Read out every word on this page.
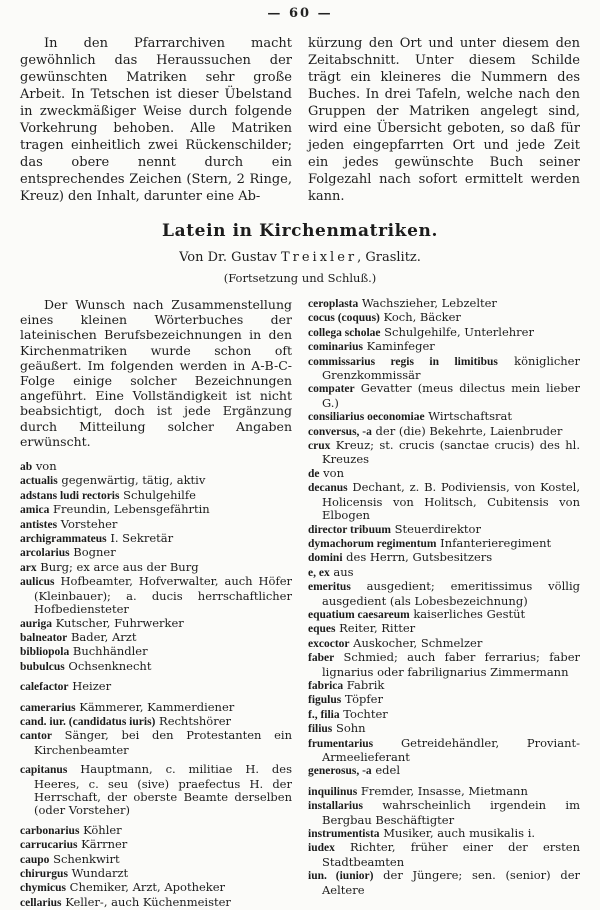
— 60 —

In den Pfarrarchiven macht gewöhnlich das Heraussuchen der gewünschten Matriken sehr große Arbeit. In Tetschen ist dieser Übelstand in zweckmäßiger Weise durch folgende Vorkehrung behoben. Alle Matriken tragen einheitlich zwei Rückenschilder; das obere nennt durch ein entsprechendes Zeichen (Stern, 2 Ringe, Kreuz) den Inhalt, darunter eine Ab-

kürzung den Ort und unter diesem den Zeitabschnitt. Unter diesem Schilde trägt ein kleineres die Nummern des Buches. In drei Tafeln, welche nach den Gruppen der Matriken angelegt sind, wird eine Übersicht geboten, so daß für jeden eingepfarrten Ort und jede Zeit ein jedes gewünschte Buch seiner Folgezahl nach sofort ermittelt werden kann.

Latein in Kirchenmatriken.

Von Dr. Gustav Treixler, Graslitz.

(Fortsetzung und Schluß.)

Der Wunsch nach Zusammenstellung eines kleinen Wörterbuches der lateinischen Berufsbezeichnungen in den Kirchenmatriken wurde schon oft geäußert. Im folgenden werden in A-B-C-Folge einige solcher Bezeichnungen angeführt. Eine Vollständigkeit ist nicht beabsichtigt, doch ist jede Ergänzung durch Mitteilung solcher Angaben erwünscht.

ab von
actualis gegenwärtig, tätig, aktiv
adstans ludi rectoris Schulgehilfe
amica Freundin, Lebensgefährtin
antistes Vorsteher
archigrammateus I. Sekretär
arcolarius Bogner
arx Burg; ex arce aus der Burg
aulicus Hofbeamter, Hofverwalter, auch Höfer (Kleinbauer); a. ducis herrschaftlicher Hofbediensteter
auriga Kutscher, Fuhrwerker
balneator Bader, Arzt
bibliopola Buchhändler
bubulcus Ochsenknecht
calefactor Heizer
camerarius Kämmerer, Kammerdiener
cand. iur. (candidatus iuris) Rechtshörer
cantor Sänger, bei den Protestanten ein Kirchenbeamter
capitanus Hauptmann, c. militiae H. des Heeres, c. seu (sive) praefectus H. der Herrschaft, der oberste Beamte derselben (oder Vorsteher)
carbonarius Köhler
carrucarius Kärrner
caupo Schenkwirt
chirurgus Wundarzt
chymicus Chemiker, Arzt, Apotheker
cellarius Keller-, auch Küchenmeister
ceroplasta Wachszieher, Lebzelter
cocus (coquus) Koch, Bäcker
collega scholae Schulgehilfe, Unterlehrer
cominarius Kaminfeger
commissarius regis in limitibus königlicher Grenzkommissär
compater Gevatter (meus dilectus mein lieber G.)
consiliarius oeconomiae Wirtschaftsrat
conversus, -a der (die) Bekehrte, Laienbruder
crux Kreuz; st. crucis (sanctae crucis) des hl. Kreuzes
de von
decanus Dechant, z. B. Podiviensis, von Kostel, Holicensis von Holitsch, Cubitensis von Elbogen
director tribuum Steuerdirektor
dymachorum regimentum Infanterieregiment
domini des Herrn, Gutsbesitzers
e, ex aus
emeritus ausgedient; emeritissimus völlig ausgedient (als Lobesbezeichnung)
equatium caesareum kaiserliches Gestüt
eques Reiter, Ritter
excoctor Auskocher, Schmelzer
faber Schmied; auch faber ferrarius; faber lignarius oder fabrilignarius Zimmermann
fabrica Fabrik
figulus Töpfer
f., filia Tochter
filius Sohn
frumentarius Getreidehändler, Proviant- Armeelieferant
generosus, -a edel
inquilinus Fremder, Insasse, Mietmann
installarius wahrscheinlich irgendein im Bergbau Beschäftigter
instrumentista Musiker, auch musikalis i.
iudex Richter, früher einer der ersten Stadtbeamten
iun. (iunior) der Jüngere; sen. (senior) der Aeltere
